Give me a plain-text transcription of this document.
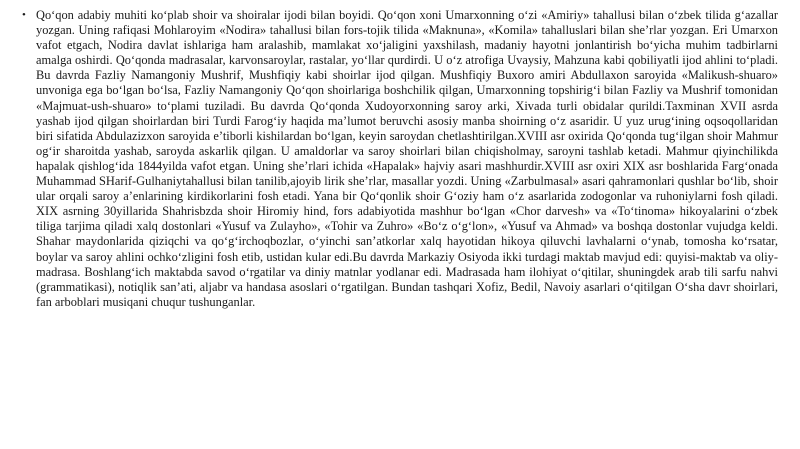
• Qo‘qon adabiy muhiti ko‘plab shoir va shoiralar ijodi bilan boyidi. Qo‘qon xoni Umarxonning o‘zi «Amiriy» tahallusi bilan o‘zbek tilida g‘azallar yozgan. Uning rafiqasi Mohlaroyim «Nodira» tahallusi bilan fors-tojik tilida «Maknuna», «Komila» tahalluslari bilan she’rlar yozgan. Eri Umarxon vafot etgach, Nodira davlat ishlariga ham aralashib, mamlakat xo‘jaligini yaxshilash, madaniy hayotni jonlantirish bo‘yicha muhim tadbirlarni amalga oshirdi. Qo‘qonda madrasalar, karvonsaroylar, rastalar, yo‘llar qurdirdi. U o‘z atrofiga Uvaysiy, Mahzuna kabi qobiliyatli ijod ahlini to‘pladi. Bu davrda Fazliy Namangoniy Mushrif, Mushfiqiy kabi shoirlar ijod qilgan. Mushfiqiy Buxoro amiri Abdullaxon saroyida «Malikush-shuaro» unvoniga ega bo‘lgan bo‘lsa, Fazliy Namangoniy Qo‘qon shoirlariga boshchilik qilgan, Umarxonning topshirig‘i bilan Fazliy va Mushrif tomonidan «Majmuat-ush-shuaro» to‘plami tuziladi. Bu davrda Qo‘qonda Xudoyorxonning saroy arki, Xivada turli obidalar qurildi.Taxminan XVII asrda yashab ijod qilgan shoirlardan biri Turdi Farog‘iy haqida ma’lumot beruvchi asosiy manba shoirning o‘z asaridir. U yuz urug‘ining oqsoqollaridan biri sifatida Abdulazizxon saroyida e’tiborli kishilardan bo‘lgan, keyin saroydan chetlashtirilgan.XVIII asr oxirida Qo‘qonda tug‘ilgan shoir Mahmur og‘ir sharoitda yashab, saroyda askarlik qilgan. U amaldorlar va saroy shoirlari bilan chiqisholmay, saroyni tashlab ketadi. Mahmur qiyinchilikda hapalak qishlog‘ida 1844yilda vafot etgan. Uning she’rlari ichida «Hapalak» hajviy asari mashhurdir.XVIII asr oxiri XIX asr boshlarida Farg‘onada Muhammad SHarif-Gulhaniytahallusi bilan tanilib,ajoyib lirik she’rlar, masallar yozdi. Uning «Zarbulmasal» asari qahramonlari qushlar bo‘lib, shoir ular orqali saroy a’enlarining kirdikorlarini fosh etadi. Yana bir Qo‘qonlik shoir G‘oziy ham o‘z asarlarida zodogonlar va ruhoniylarni fosh qiladi. XIX asrning 30yillarida Shahrisbzda shoir Hiromiy hind, fors adabiyotida mashhur bo‘lgan «Chor darvesh» va «To‘tinoma» hikoyalarini o‘zbek tiliga tarjima qiladi xalq dostonlari «Yusuf va Zulayho», «Tohir va Zuhro» «Bo‘z o‘g‘lon», «Yusuf va Ahmad» va boshqa dostonlar vujudga keldi. Shahar maydonlarida qiziqchi va qo‘g‘irchoqbozlar, o‘yinchi san’atkorlar xalq hayotidan hikoya qiluvchi lavhalarni o‘ynab, tomosha ko‘rsatar, boylar va saroy ahlini ochko‘zligini fosh etib, ustidan kular edi.Bu davrda Markaziy Osiyoda ikki turdagi maktab mavjud edi: quyisi-maktab va oliy-madrasa. Boshlang‘ich maktabda savod o‘rgatilar va diniy matnlar yodlanar edi. Madrasada ham ilohiyat o‘qitilar, shuningdek arab tili sarfu nahvi (grammatikasi), notiqlik san’ati, aljabr va handasa asoslari o‘rgatilgan. Bundan tashqari Xofiz, Bedil, Navoiy asarlari o‘qitilgan O‘sha davr shoirlari, fan arboblari musiqani chuqur tushunganlar.
